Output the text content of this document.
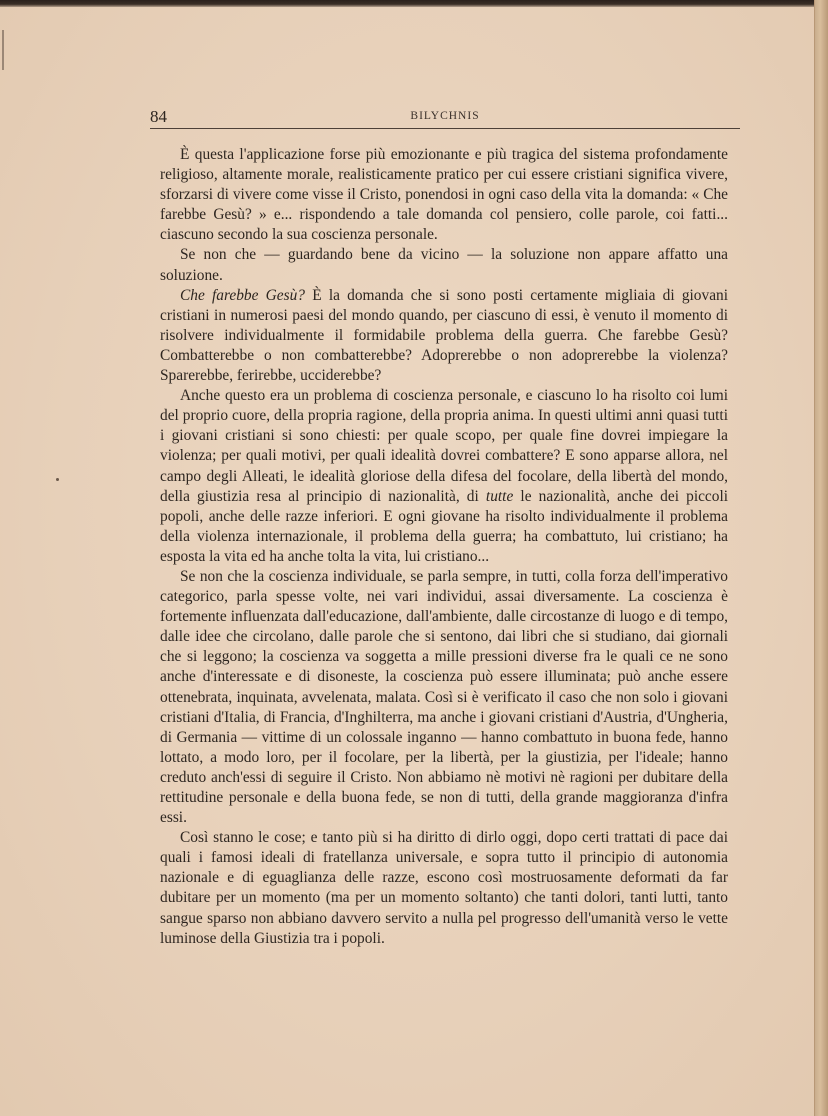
84	BILYCHNIS

È questa l'applicazione forse più emozionante e più tragica del sistema profondamente religioso, altamente morale, realisticamente pratico per cui essere cristiani significa vivere, sforzarsi di vivere come visse il Cristo, ponendosi in ogni caso della vita la domanda: « Che farebbe Gesù? » e... rispondendo a tale domanda col pensiero, colle parole, coi fatti... ciascuno secondo la sua coscienza personale.

Se non che — guardando bene da vicino — la soluzione non appare affatto una soluzione.

Che farebbe Gesù? È la domanda che si sono posti certamente migliaia di giovani cristiani in numerosi paesi del mondo quando, per ciascuno di essi, è venuto il momento di risolvere individualmente il formidabile problema della guerra. Che farebbe Gesù? Combatterebbe o non combatterebbe? Adoprerebbe o non adoprerebbe la violenza? Sparerebbe, ferirebbe, ucciderebbe?

Anche questo era un problema di coscienza personale, e ciascuno lo ha risolto coi lumi del proprio cuore, della propria ragione, della propria anima. In questi ultimi anni quasi tutti i giovani cristiani si sono chiesti: per quale scopo, per quale fine dovrei impiegare la violenza; per quali motivi, per quali idealità dovrei combattere? E sono apparse allora, nel campo degli Alleati, le idealità gloriose della difesa del focolare, della libertà del mondo, della giustizia resa al principio di nazionalità, di tutte le nazionalità, anche dei piccoli popoli, anche delle razze inferiori. E ogni giovane ha risolto individualmente il problema della violenza internazionale, il problema della guerra; ha combattuto, lui cristiano; ha esposta la vita ed ha anche tolta la vita, lui cristiano...

Se non che la coscienza individuale, se parla sempre, in tutti, colla forza dell'imperativo categorico, parla spesse volte, nei vari individui, assai diversamente. La coscienza è fortemente influenzata dall'educazione, dall'ambiente, dalle circostanze di luogo e di tempo, dalle idee che circolano, dalle parole che si sentono, dai libri che si studiano, dai giornali che si leggono; la coscienza va soggetta a mille pressioni diverse fra le quali ce ne sono anche d'interessate e di disoneste, la coscienza può essere illuminata; può anche essere ottenebrata, inquinata, avvelenata, malata. Così si è verificato il caso che non solo i giovani cristiani d'Italia, di Francia, d'Inghilterra, ma anche i giovani cristiani d'Austria, d'Ungheria, di Germania — vittime di un colossale inganno — hanno combattuto in buona fede, hanno lottato, a modo loro, per il focolare, per la libertà, per la giustizia, per l'ideale; hanno creduto anch'essi di seguire il Cristo. Non abbiamo nè motivi nè ragioni per dubitare della rettitudine personale e della buona fede, se non di tutti, della grande maggioranza d'infra essi.

Così stanno le cose; e tanto più si ha diritto di dirlo oggi, dopo certi trattati di pace dai quali i famosi ideali di fratellanza universale, e sopra tutto il principio di autonomia nazionale e di eguaglianza delle razze, escono così mostruosamente deformati da far dubitare per un momento (ma per un momento soltanto) che tanti dolori, tanti lutti, tanto sangue sparso non abbiano davvero servito a nulla pel progresso dell'umanità verso le vette luminose della Giustizia tra i popoli.
